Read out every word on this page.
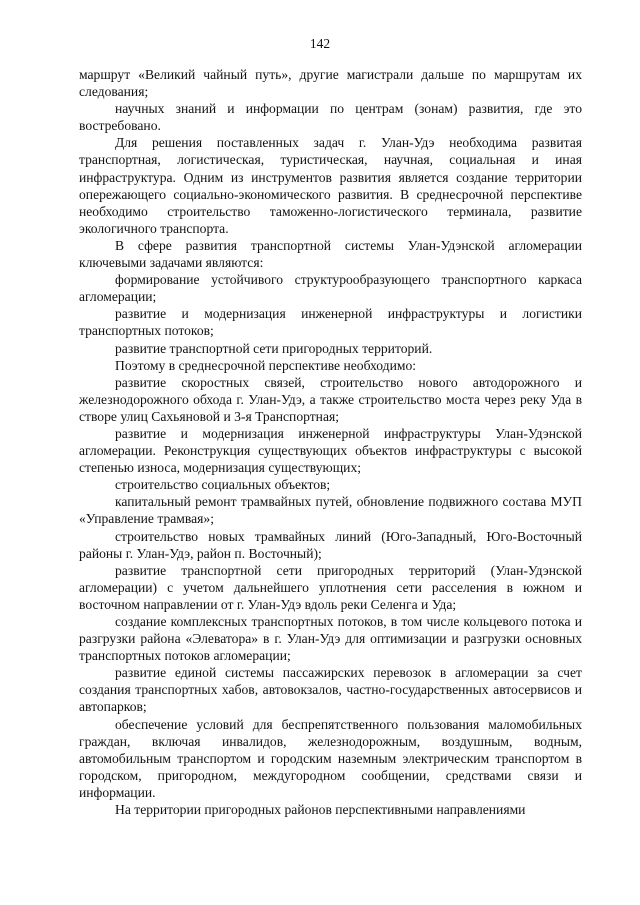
142

маршрут «Великий чайный путь», другие магистрали дальше по маршрутам их следования;

научных знаний и информации по центрам (зонам) развития, где это востребовано.

Для решения поставленных задач г. Улан-Удэ необходима развитая транспортная, логистическая, туристическая, научная, социальная и иная инфраструктура. Одним из инструментов развития является создание территории опережающего социально-экономического развития. В среднесрочной перспективе необходимо строительство таможенно-логистического терминала, развитие экологичного транспорта.

В сфере развития транспортной системы Улан-Удэнской агломерации ключевыми задачами являются:

формирование устойчивого структурообразующего транспортного каркаса агломерации;

развитие и модернизация инженерной инфраструктуры и логистики транспортных потоков;

развитие транспортной сети пригородных территорий.

Поэтому в среднесрочной перспективе необходимо:

развитие скоростных связей, строительство нового автодорожного и железнодорожного обхода г. Улан-Удэ, а также строительство моста через реку Уда в створе улиц Сахьяновой и 3-я Транспортная;

развитие и модернизация инженерной инфраструктуры Улан-Удэнской агломерации. Реконструкция существующих объектов инфраструктуры с высокой степенью износа, модернизация существующих;

строительство социальных объектов;

капитальный ремонт трамвайных путей, обновление подвижного состава МУП «Управление трамвая»;

строительство новых трамвайных линий (Юго-Западный, Юго-Восточный районы г. Улан-Удэ, район п. Восточный);

развитие транспортной сети пригородных территорий (Улан-Удэнской агломерации) с учетом дальнейшего уплотнения сети расселения в южном и восточном направлении от г. Улан-Удэ вдоль реки Селенга и Уда;

создание комплексных транспортных потоков, в том числе кольцевого потока и разгрузки района «Элеватора» в г. Улан-Удэ для оптимизации и разгрузки основных транспортных потоков агломерации;

развитие единой системы пассажирских перевозок в агломерации за счет создания транспортных хабов, автовокзалов, частно-государственных автосервисов и автопарков;

обеспечение условий для беспрепятственного пользования маломобильных граждан, включая инвалидов, железнодорожным, воздушным, водным, автомобильным транспортом и городским наземным электрическим транспортом в городском, пригородном, междугородном сообщении, средствами связи и информации.

На территории пригородных районов перспективными направлениями
